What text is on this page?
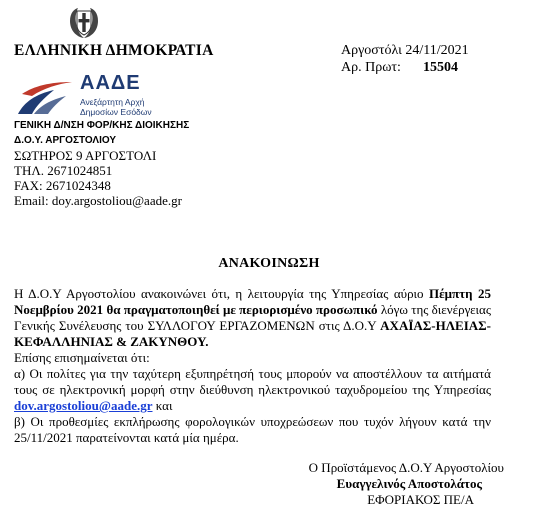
ΕΛΛΗΝΙΚΗ ΔΗΜΟΚΡΑΤΙΑ	Αργοστόλι 24/11/2021
Αρ. Πρωτ: 15504
ΑΑΔΕ
Ανεξάρτητη Αρχή
Δημοσίων Εσόδων
ΓΕΝΙΚΗ Δ/ΝΣΗ ΦΟΡ/ΚΗΣ ΔΙΟΙΚΗΣΗΣ
Δ.Ο.Υ. ΑΡΓΟΣΤΟΛΙΟΥ
ΣΩΤΗΡΟΣ 9 ΑΡΓΟΣΤΟΛΙ
ΤΗΛ. 2671024851
FAX: 2671024348
Email: doy.argostoliou@aade.gr
ΑΝΑΚΟΙΝΩΣΗ

Η Δ.Ο.Υ Αργοστολίου ανακοινώνει ότι, η λειτουργία της Υπηρεσίας αύριο Πέμπτη 25 Νοεμβρίου 2021 θα πραγματοποιηθεί με περιορισμένο προσωπικό λόγω της διενέργειας Γενικής Συνέλευσης του ΣΥΛΛΟΓΟΥ ΕΡΓΑΖΟΜΕΝΩΝ στις Δ.Ο.Υ ΑΧΑΪΑΣ-ΗΛΕΙΑΣ-ΚΕΦΑΛΛΗΝΙΑΣ & ΖΑΚΥΝΘΟΥ.

Επίσης επισημαίνεται ότι:

α) Οι πολίτες για την ταχύτερη εξυπηρέτησή τους μπορούν να αποστέλλουν τα αιτήματά τους σε ηλεκτρονική μορφή στην διεύθυνση ηλεκτρονικού ταχυδρομείου της Υπηρεσίας dov.argostoliou@aade.gr και

β) Οι προθεσμίες εκπλήρωσης φορολογικών υποχρεώσεων που τυχόν λήγουν κατά την 25/11/2021 παρατείνονται κατά μία ημέρα.

Ο Προϊστάμενος Δ.Ο.Υ Αργοστολίου
Ευαγγελινός Αποστολάτος
ΕΦΟΡΙΑΚΟΣ ΠΕ/Α
